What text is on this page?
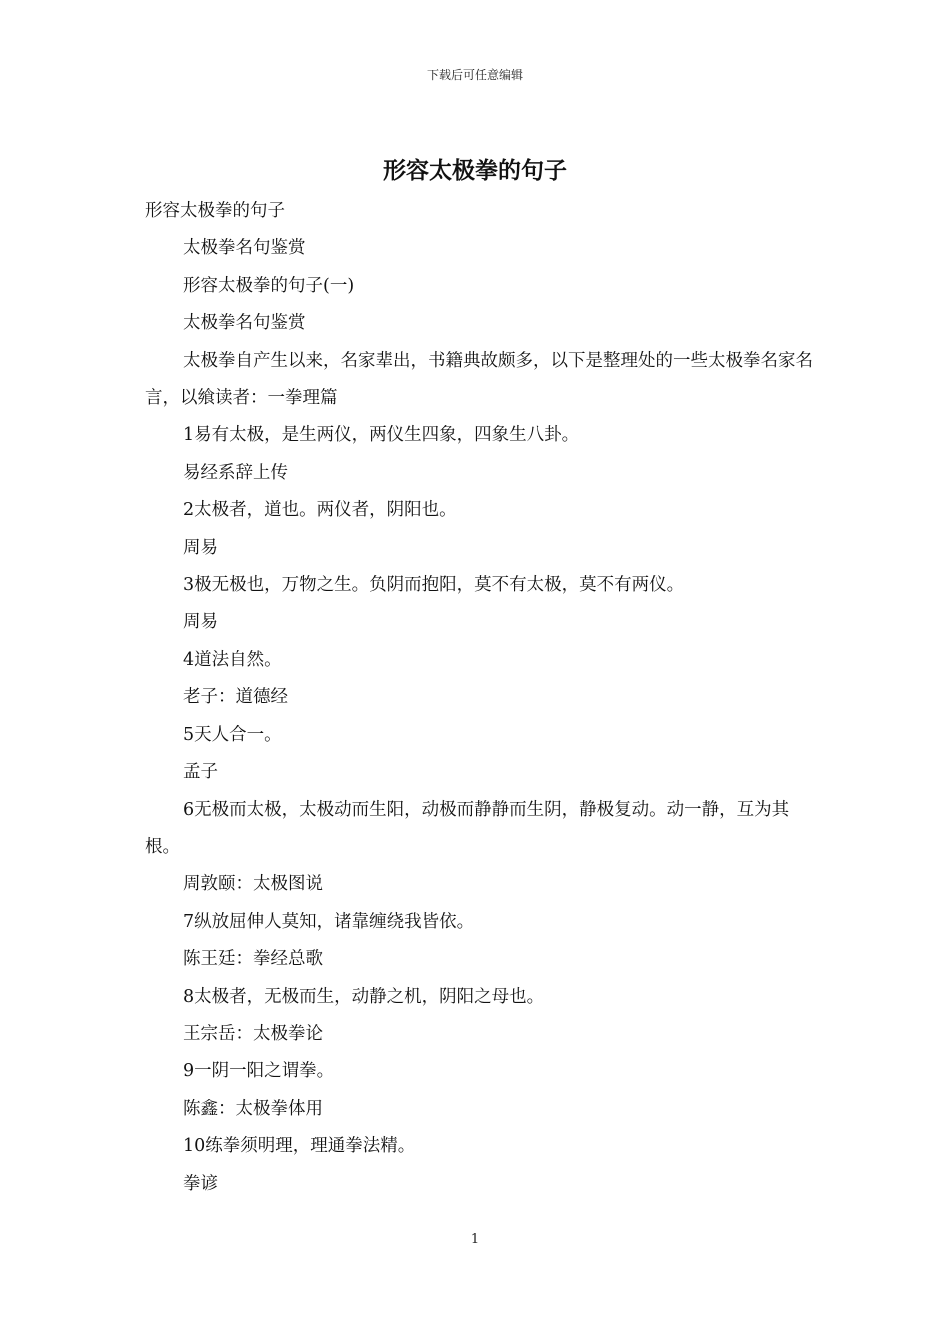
下载后可任意编辑
形容太极拳的句子

形容太极拳的句子

太极拳名句鉴赏

形容太极拳的句子(一)

太极拳名句鉴赏

太极拳自产生以来，名家辈出，书籍典故颇多，以下是整理处的一些太极拳名家名言，以飨读者：一拳理篇

1易有太极，是生两仪，两仪生四象，四象生八卦。

易经系辞上传

2太极者，道也。两仪者，阴阳也。

周易

3极无极也，万物之生。负阴而抱阳，莫不有太极，莫不有两仪。

周易

4道法自然。

老子：道德经

5天人合一。

孟子

6无极而太极，太极动而生阳，动极而静静而生阴，静极复动。动一静，互为其根。

周敦颐：太极图说

7纵放屈伸人莫知，诸靠缠绕我皆依。

陈王廷：拳经总歌

8太极者，无极而生，动静之机，阴阳之母也。

王宗岳：太极拳论

9一阴一阳之谓拳。

陈鑫：太极拳体用

10练拳须明理，理通拳法精。

拳谚

1
